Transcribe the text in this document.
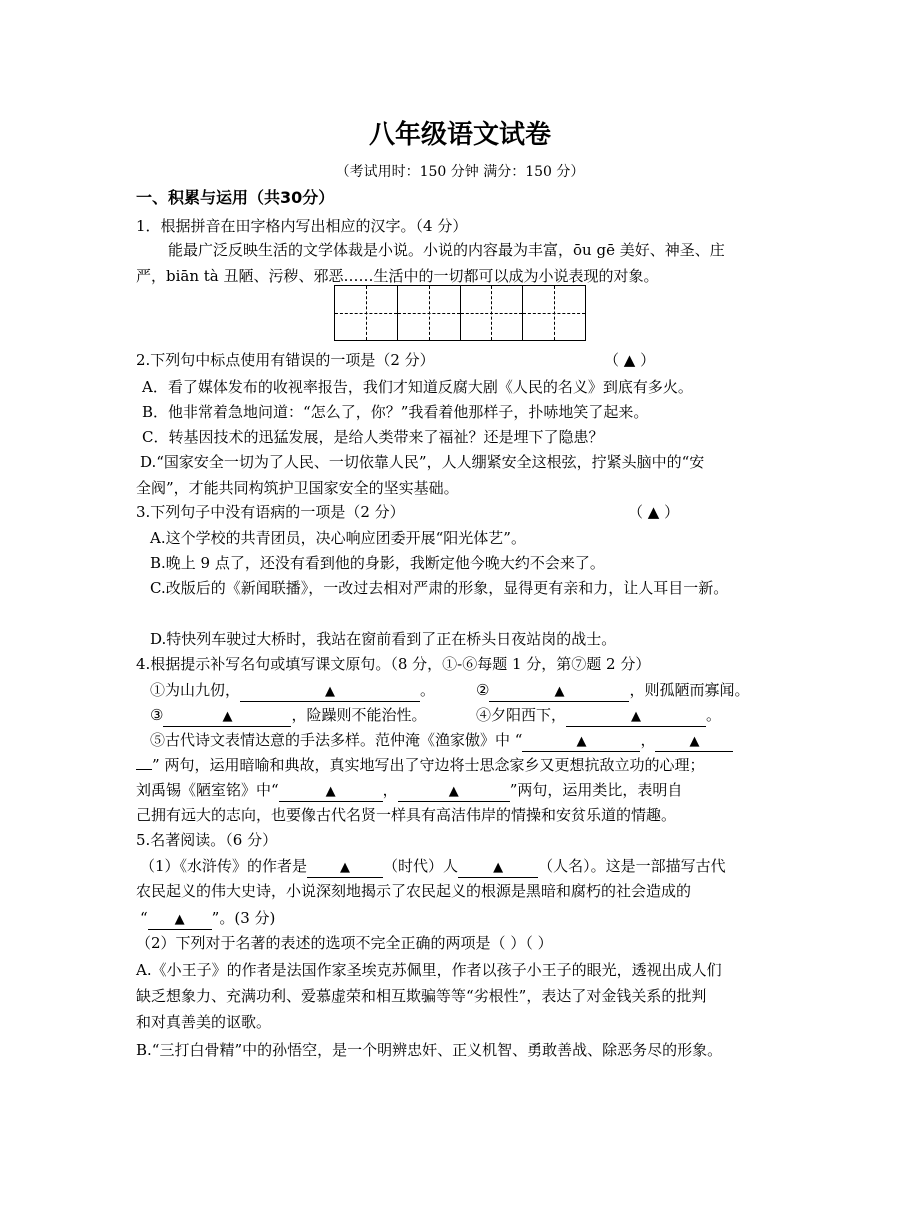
八年级语文试卷
（考试用时：150 分钟 满分：150 分）
一、积累与运用（共30分）
1．根据拼音在田字格内写出相应的汉字。（4 分）
能最广泛反映生活的文学体裁是小说。小说的内容最为丰富，ōu gē 美好、神圣、庄
严，biān tà 丑陋、污秽、邪恶……生活中的一切都可以成为小说表现的对象。
2.下列句中标点使用有错误的一项是（2 分）	（ ▲ ）
A．看了媒体发布的收视率报告，我们才知道反腐大剧《人民的名义》到底有多火。
B．他非常着急地问道：“怎么了，你？”我看着他那样子，扑哧地笑了起来。
C．转基因技术的迅猛发展，是给人类带来了福祉？还是埋下了隐患？
D.“国家安全一切为了人民、一切依靠人民”，人人绷紧安全这根弦，拧紧头脑中的“安
全阀”，才能共同构筑护卫国家安全的坚实基础。
3.下列句子中没有语病的一项是（2 分）	（ ▲ ）
A.这个学校的共青团员，决心响应团委开展“阳光体艺”。
B.晚上 9 点了，还没有看到他的身影，我断定他今晚大约不会来了。
C.改版后的《新闻联播》，一改过去相对严肃的形象，显得更有亲和力，让人耳目一新。
D.特快列车驶过大桥时，我站在窗前看到了正在桥头日夜站岗的战士。
4.根据提示补写名句或填写课文原句。（8 分，①-⑥每题 1 分，第⑦题 2 分）
①为山九仞，	▲	。	②	▲	，则孤陋而寡闻。
③	▲	，险躁则不能治性。	④夕阳西下，	▲	。
⑤古代诗文表情达意的手法多样。范仲淹《渔家傲》中 “	▲	，	▲
” 两句，运用暗喻和典故，真实地写出了守边将士思念家乡又更想抗敌立功的心理；
刘禹锡《陋室铭》中“	▲	，	▲	”两句，运用类比，表明自
己拥有远大的志向，也要像古代名贤一样具有高洁伟岸的情操和安贫乐道的情趣。
5.名著阅读。（6 分）
（1）《水浒传》的作者是	▲ （时代）人	▲ （人名）。这是一部描写古代
农民起义的伟大史诗，小说深刻地揭示了农民起义的根源是黑暗和腐朽的社会造成的
“ ▲ ”。(3 分)
（2）下列对于名著的表述的选项不完全正确的两项是（ ）（ ）
A.《小王子》的作者是法国作家圣埃克苏佩里，作者以孩子小王子的眼光，透视出成人们
缺乏想象力、充满功利、爱慕虚荣和相互欺骗等等“劣根性”，表达了对金钱关系的批判
和对真善美的讴歌。
B.“三打白骨精”中的孙悟空，是一个明辨忠奸、正义机智、勇敢善战、除恶务尽的形象。
